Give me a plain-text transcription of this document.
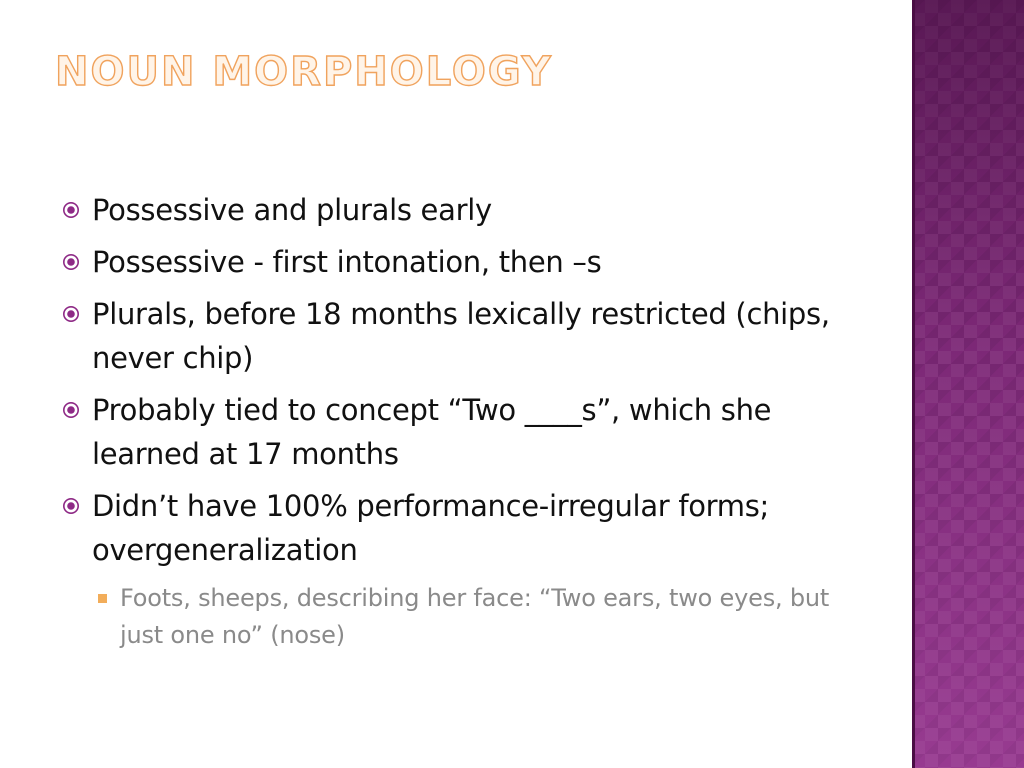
NOUN MORPHOLOGY
Possessive and plurals early
Possessive - first intonation, then –s
Plurals, before 18 months lexically restricted (chips, never chip)
Probably tied to concept “Two ____s”, which she learned at 17 months
Didn’t have 100% performance-irregular forms; overgeneralization
Foots, sheeps, describing her face: “Two ears, two eyes, but just one no” (nose)
